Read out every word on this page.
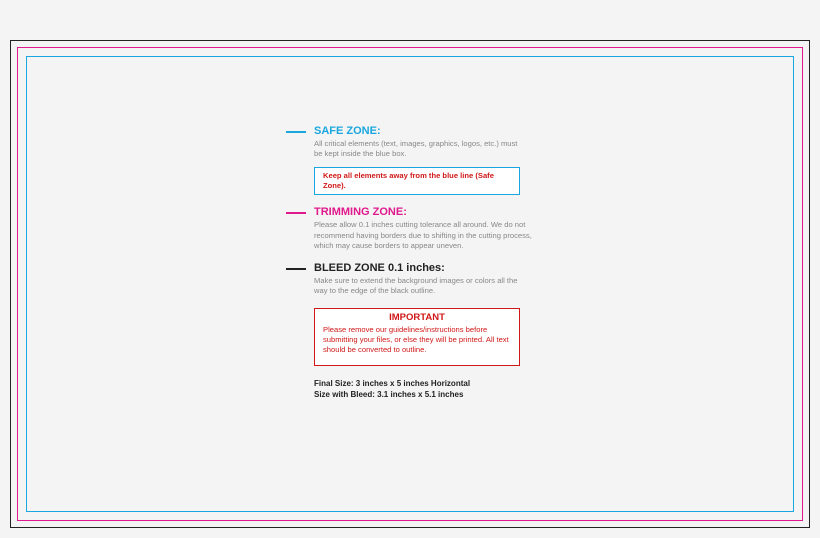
SAFE ZONE:

All critical elements (text, images, graphics, logos, etc.) must be kept inside the blue box.

Keep all elements away from the blue line (Safe Zone).
TRIMMING ZONE:

Please allow 0.1 inches cutting tolerance all around. We do not recommend having borders due to shifting in the cutting process, which may cause borders to appear uneven.

BLEED ZONE 0.1 inches:

Make sure to extend the background images or colors all the way to the edge of the black outline.

IMPORTANT
Please remove our guidelines/instructions before submitting your files, or else they will be printed. All text should be converted to outline.
Final Size: 3 inches x 5 inches Horizontal
Size with Bleed: 3.1 inches x 5.1 inches
